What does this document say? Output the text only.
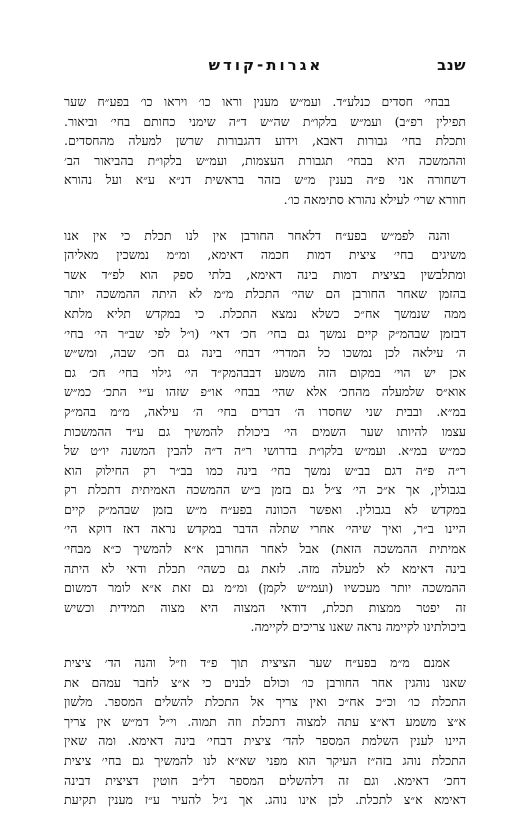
שנב
אגרות-קודש
בבחי׳ חסדים כנלע״ד. ועמ״ש מענין וראו כו׳ ויראו כו׳ בפע״ח שער
תפילין רפ״ב) ועמ״ש בלקו״ת שה״ש ד״ה שימני כחותם בחי׳ וביאור.
ותכלת בחי׳ גבורות דאבא, וידוע דהגבורות שרשן למעלה מהחסדים.
וההמשכה היא בבחי׳ תגבורת העצמות, ועמ״ש בלקו״ת בהביאור הב׳
דשחורה אני פ״ה בענין מ״ש בזהר בראשית דנ״א ע״א ועל נהורא
חוורא שרי׳ לעילא נהורא סתימאה כו׳.
והנה לפמ״ש בפע״ח דלאחר החורבן אין לנו תכלת כי אין אנו
משיגים בחי׳ ציצית דמות חכמה דאימא, ומ״מ נמשכין מאליהן
ומתלבשין בציצית דמות בינה דאימא, בלתי ספק הוא לפ״ד אשר
בהזמן שאחר החורבן הם שהי׳ התכלת מ״מ לא היתה ההמשכה יותר
ממה שנמשך אח״כ כשלא נמצא התכלת. כי במקדש תליא מלתא
דבזמן שבהמ״ק קיים נמשך גם בחי׳ חכ׳ דאי׳ (ו״ל לפי שב״ר הי׳ בחי׳
ה׳ עילאה לכן נמשכו כל המדרי׳ דבחי׳ בינה גם חכ׳ שבה, ומש״ש
אכן יש הוי׳ במקום הזה משמע דבבהמק״ד הי׳ גילוי בחי׳ חכ׳ גם
אוא״ס שלמעלה מהחכ׳ אלא שהי׳ בבחי׳ או״פ שזהו ע״י התכ׳ כמ״ש
במ״א. ובבית שני שחסרו ה׳ דברים בחי׳ ה׳ עילאה, מ״מ בהמ״ק
עצמו להיותו שער השמים הי׳ ביכולת להמשיך גם ע״ד ההמשכות
כמ״ש במ״א. ועמ״ש בלקו״ת בדרושי ר״ה ד״ה להבין המשנה יו״ט של
ר״ה פ״ה דגם בב״ש נמשך בחי׳ בינה כמו בב״ר רק החילוק הוא
בגבולין, אך א״כ הי׳ צ״ל גם בזמן ב״ש ההמשכה האמיתית דתכלת רק
במקדש לא בגבולין. ואפשר הכוונה בפע״ח מ״ש בזמן שבהמ״ק קיים
היינו ב״ר, ואיך שיהי׳ אחרי שתלה הדבר במקדש נראה דאז דוקא הי׳
אמיתית ההמשכה הזאת) אבל לאחר החורבן א״א להמשיך כ״א מבחי׳
בינה דאימא לא למעלה מזה. לזאת גם כשהי׳ תכלת ודאי לא היתה
ההמשכה יותר מעכשיו (ועמ״ש לקמן) ומ״מ גם זאת א״א לומר דמשום
זה יפטר ממצות תכלת, דודאי המצוה היא מצוה תמידית וכשיש
ביכולתינו לקיימה נראה שאנו צריכים לקיימה.
אמנם מ״מ בפע״ח שער הציצית תוך פ״ד וז״ל והנה הד׳ ציצית
שאנו נוהגין אחר החורבן כו׳ וכולם לבנים כי א״צ לחבר עמהם את
התכלת כו׳ וכ״כ אח״כ ואין צריך אל התכלת להשלים המספר. מלשון
א״צ משמע דא״צ עתה למצוה דתכלת וזה תמוה. וי״ל דמ״ש אין צריך
היינו לענין השלמת המספר להד׳ ציצית דבחי׳ בינה דאימא. ומה שאין
התכלת נוהג בזה״ז העיקר הוא מפני שא״א לנו להמשיך גם בחי׳ ציצית
דחכ׳ דאימא. וגם זה דלהשלים המספר דל״ב חוטין דציצית דבינה
דאימא א״צ לתכלת. לכן אינו נוהג. אך נ״ל להעיר ע״ז מענין תקיעת
